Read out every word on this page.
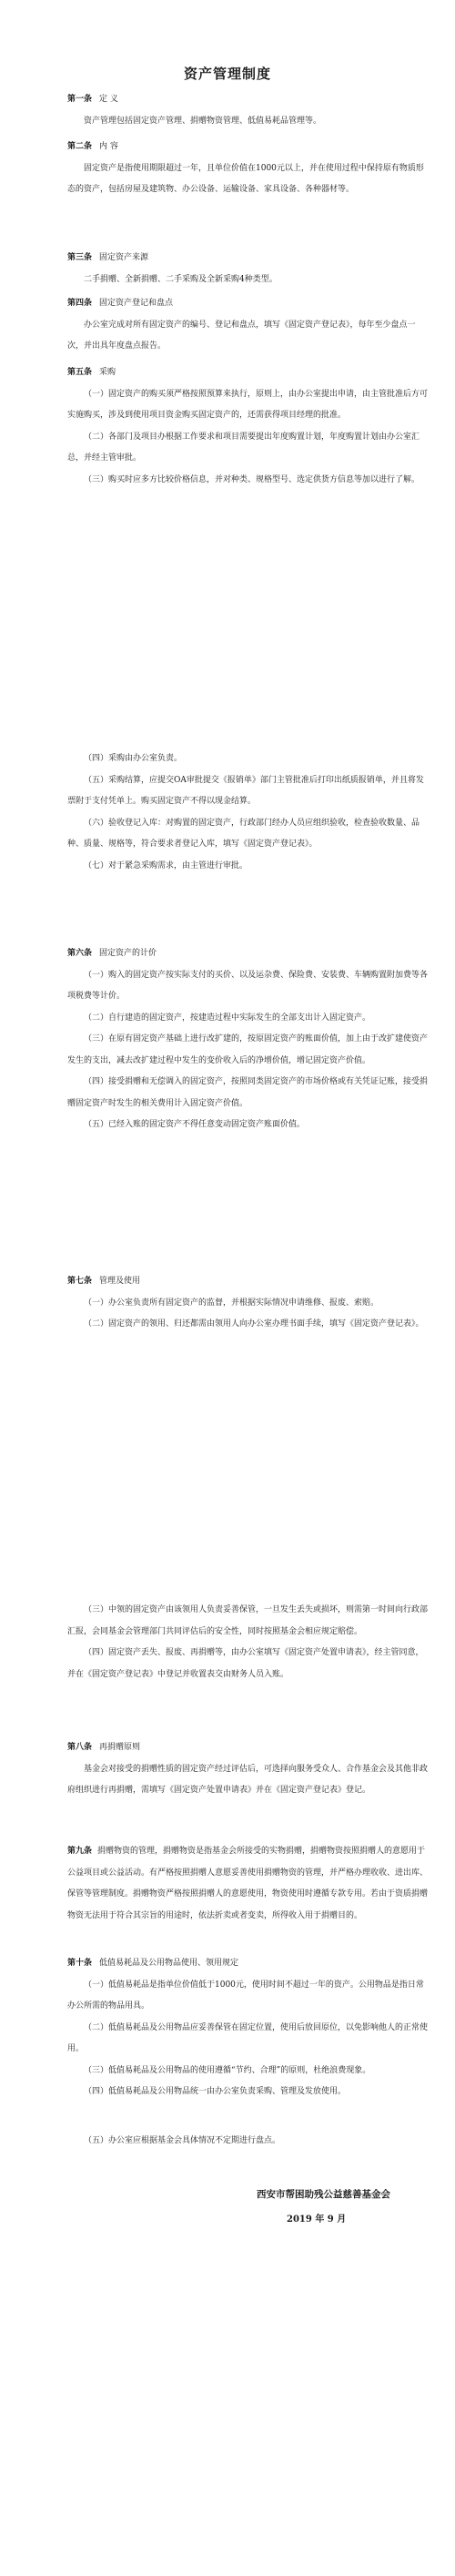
资产管理制度
第一条 定 义

资产管理包括固定资产管理、捐赠物资管理、低值易耗品管理等。

第二条 内 容

固定资产是指使用期限超过一年，且单位价值在1000元以上，并在使用过程中保持原有物质形态的资产，包括房屋及建筑物、办公设备、运输设备、家具设备、各种器材等。

第三条 固定资产来源

二手捐赠、全新捐赠、二手采购及全新采购4种类型。

第四条 固定资产登记和盘点

办公室完成对所有固定资产的编号、登记和盘点，填写《固定资产登记表》，每年至少盘点一次，并出具年度盘点报告。

第五条 采购

（一）固定资产的购买须严格按照预算来执行，原则上，由办公室提出申请，由主管批准后方可实施购买，涉及到使用项目资金购买固定资产的，还需获得项目经理的批准。

（二）各部门及项目办根据工作要求和项目需要提出年度购置计划，年度购置计划由办公室汇总，并经主管审批。

（三）购买时应多方比较价格信息，并对种类、规格型号、选定供货方信息等加以进行了解。

（四）采购由办公室负责。

（五）采购结算，应提交OA审批提交《报销单》部门主管批准后打印出纸质报销单，并且将发票附于支付凭单上。购买固定资产不得以现金结算。

（六）验收登记入库：对购置的固定资产，行政部门经办人员应组织验收，检查验收数量、品种、质量、规格等，符合要求者登记入库，填写《固定资产登记表》。

（七）对于紧急采购需求，由主管进行审批。

第六条 固定资产的计价

（一）购入的固定资产按实际支付的买价、以及运杂费、保险费、安装费、车辆购置附加费等各项税费等计价。

（二）自行建造的固定资产，按建造过程中实际发生的全部支出计入固定资产。

（三）在原有固定资产基础上进行改扩建的，按原固定资产的账面价值，加上由于改扩建使资产发生的支出，减去改扩建过程中发生的变价收入后的净增价值，增记固定资产价值。

（四）接受捐赠和无偿调入的固定资产，按照同类固定资产的市场价格或有关凭证记账，接受捐赠固定资产时发生的相关费用计入固定资产价值。

（五）已经入账的固定资产不得任意变动固定资产账面价值。

第七条 管理及使用

（一）办公室负责所有固定资产的监督，并根据实际情况申请维修、报废、索赔。

（二）固定资产的领用、归还都需由领用人向办公室办理书面手续，填写《固定资产登记表》。

（三）中领的固定资产由该领用人负责妥善保管，一旦发生丢失或损坏，则需第一时间向行政部汇报，会同基金会管理部门共同评估后的安全性，同时按照基金会相应规定赔偿。

（四）固定资产丢失、报废、再捐赠等，由办公室填写《固定资产处置申请表》，经主管同意，并在《固定资产登记表》中登记并收置表交由财务人员入账。

第八条 再捐赠原则

基金会对接受的捐赠性质的固定资产经过评估后，可选择向服务受众人、合作基金会及其他非政府组织进行再捐赠，需填写《固定资产处置申请表》并在《固定资产登记表》登记。

第九条 捐赠物资的管理，捐赠物资是指基金会所接受的实物捐赠，捐赠物资按照捐赠人的意愿用于公益项目或公益活动。有严格按照捐赠人意愿妥善使用捐赠物资的管理，并严格办理收收、进出库、保管等管理制度。捐赠物资严格按照捐赠人的意愿使用，物资使用时遵循专款专用。若由于资质捐赠物资无法用于符合其宗旨的用途时，依法折卖或者变卖，所得收入用于捐赠目的。

第十条 低值易耗品及公用物品使用、领用规定

（一）低值易耗品是指单位价值低于1000元，使用时间不超过一年的资产。公用物品是指日常办公所需的物品用具。

（二）低值易耗品及公用物品应妥善保管在固定位置，使用后放回原位，以免影响他人的正常使用。

（三）低值易耗品及公用物品的使用遵循“节约、合理”的原则，杜绝浪费现象。

（四）低值易耗品及公用物品统一由办公室负责采购、管理及发放使用。

（五）办公室应根据基金会具体情况不定期进行盘点。

西安市帮困助残公益慈善基金会
2019 年 9 月
